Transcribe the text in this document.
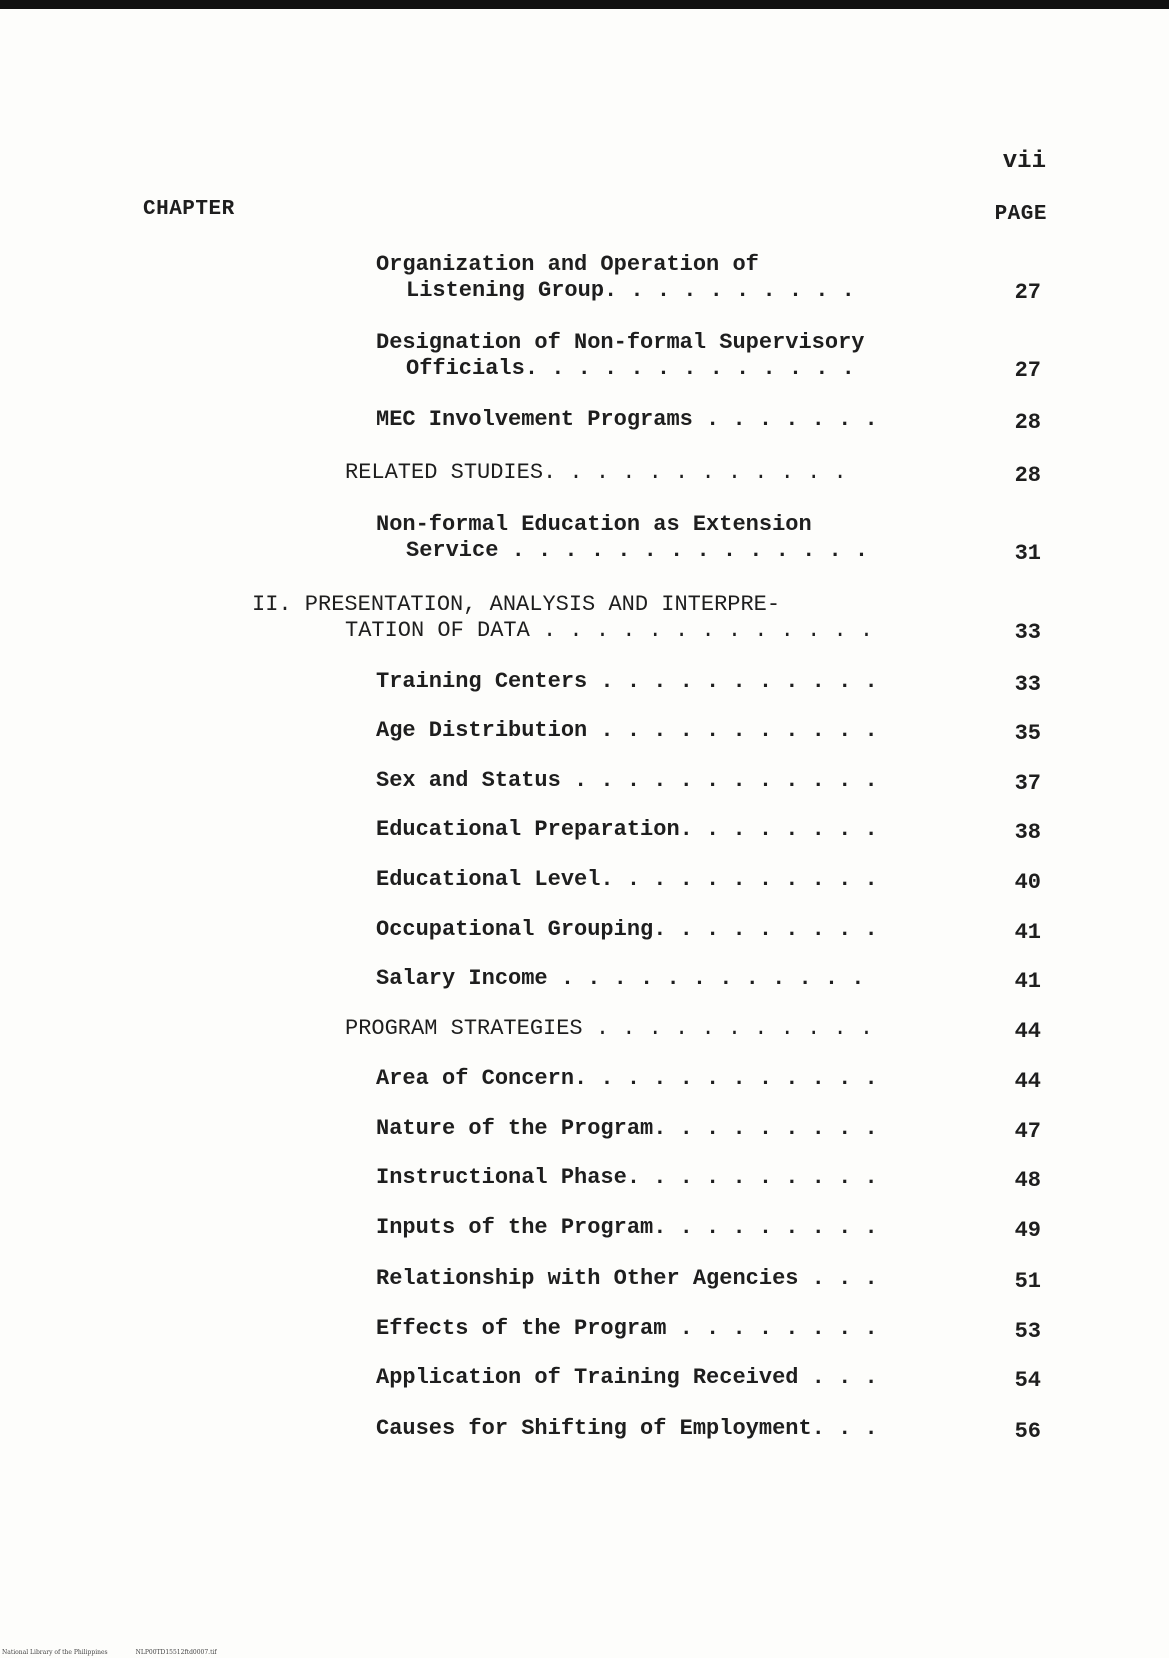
vii
CHAPTER	PAGE
Organization and Operation of
Listening Group. . . . . . . . . .	27
Designation of Non-formal Supervisory
Officials. . . . . . . . . . . . .	27
MEC Involvement Programs . . . . . . .	28
RELATED STUDIES. . . . . . . . . . . .	28
Non-formal Education as Extension
Service . . . . . . . . . . . . . .	31
II. PRESENTATION, ANALYSIS AND INTERPRE-
TATION OF DATA . . . . . . . . . . . . .	33
Training Centers . . . . . . . . . . .	33
Age Distribution . . . . . . . . . . .	35
Sex and Status . . . . . . . . . . . .	37
Educational Preparation. . . . . . . .	38
Educational Level. . . . . . . . . . .	40
Occupational Grouping. . . . . . . . .	41
Salary Income . . . . . . . . . . . .	41
PROGRAM STRATEGIES . . . . . . . . . . .	44
Area of Concern. . . . . . . . . . . .	44
Nature of the Program. . . . . . . . .	47
Instructional Phase. . . . . . . . . .	48
Inputs of the Program. . . . . . . . .	49
Relationship with Other Agencies . . .	51
Effects of the Program . . . . . . . .	53
Application of Training Received . . .	54
Causes for Shifting of Employment. . .	56
National Library of the Philippines	NLP00TD15512ftd0007.tif
